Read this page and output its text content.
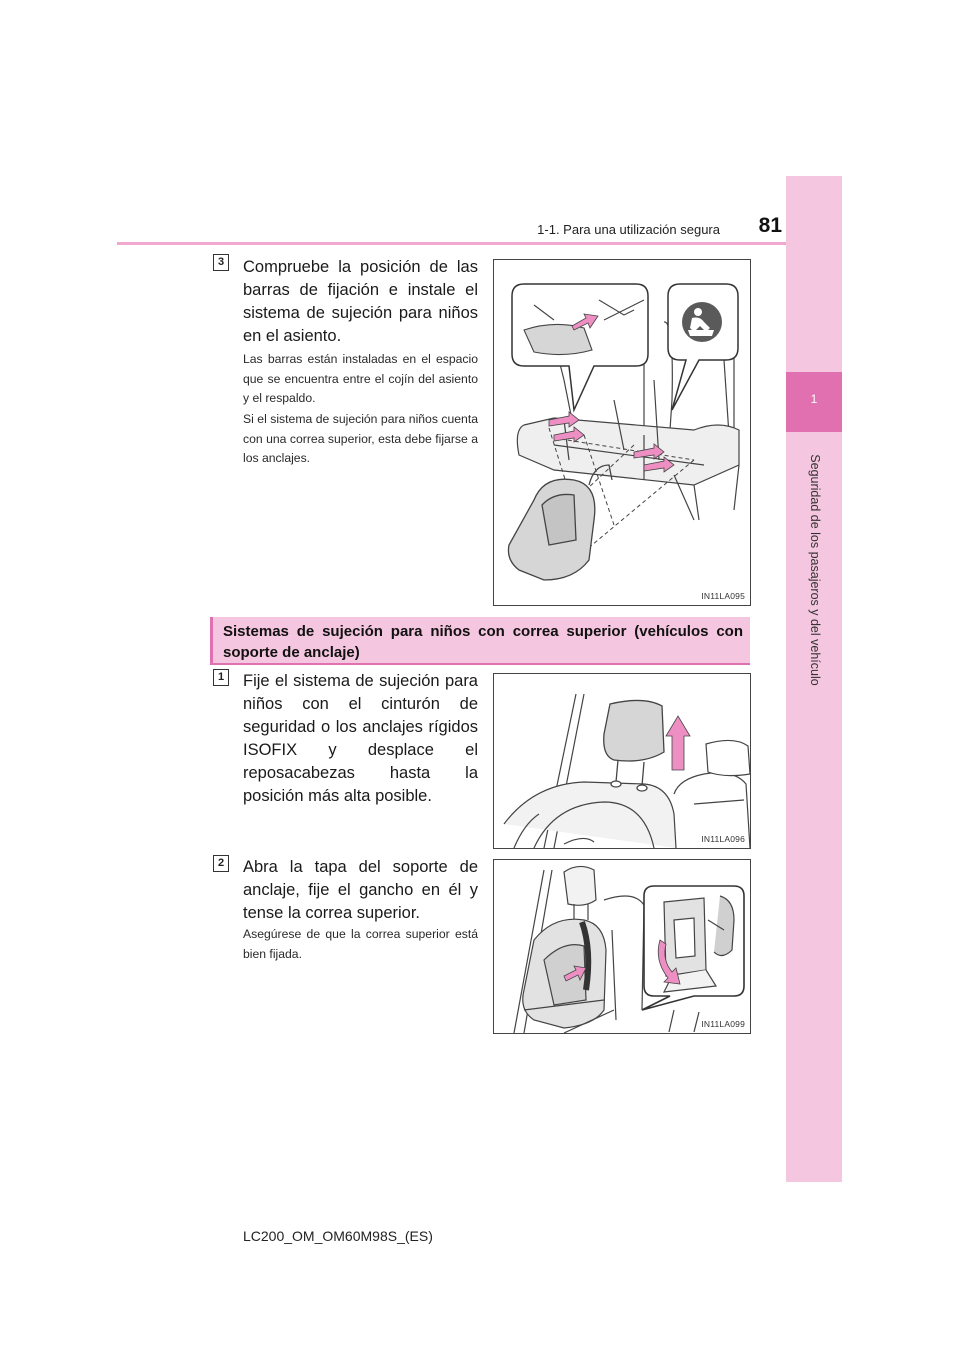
1-1. Para una utilización segura	81
1
Seguridad de los pasajeros y del vehículo
3 Compruebe la posición de las barras de fijación e instale el sistema de sujeción para niños en el asiento.
Las barras están instaladas en el espacio que se encuentra entre el cojín del asiento y el respaldo.
Si el sistema de sujeción para niños cuenta con una correa superior, esta debe fijarse a los anclajes.
IN11LA095
Sistemas de sujeción para niños con correa superior (vehículos con soporte de anclaje)
1 Fije el sistema de sujeción para niños con el cinturón de seguridad o los anclajes rígidos ISOFIX y desplace el reposacabezas hasta la posición más alta posible.
IN11LA096
2 Abra la tapa del soporte de anclaje, fije el gancho en él y tense la correa superior.
Asegúrese de que la correa superior está bien fijada.
IN11LA099
LC200_OM_OM60M98S_(ES)
